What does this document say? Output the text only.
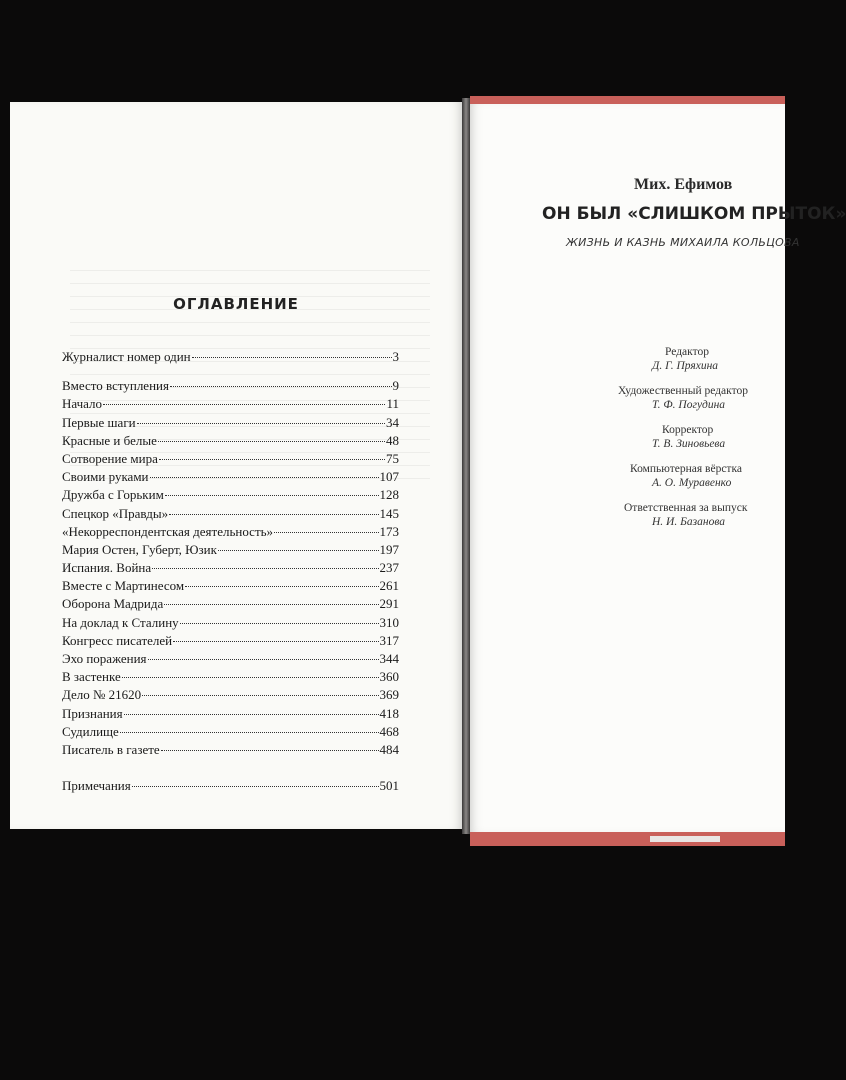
ОГЛАВЛЕНИЕ
Журналист номер один	3
Вместо вступления	9
Начало	11
Первые шаги	34
Красные и белые	48
Сотворение мира	75
Своими руками	107
Дружба с Горьким	128
Спецкор «Правды»	145
«Некорреспондентская деятельность»	173
Мария Остен, Губерт, Юзик	197
Испания. Война	237
Вместе с Мартинесом	261
Оборона Мадрида	291
На доклад к Сталину	310
Конгресс писателей	317
Эхо поражения	344
В застенке	360
Дело № 21620	369
Признания	418
Судилище	468
Писатель в газете	484
Примечания	501
Мих. Ефимов
ОН БЫЛ «СЛИШКОМ ПРЫТОК»
ЖИЗНЬ И КАЗНЬ МИХАИЛА КОЛЬЦОВА
Редактор
Д. Г. Пряхина
Художественный редактор
Т. Ф. Погудина
Корректор
Т. В. Зиновьева
Компьютерная вёрстка
А. О. Муравенко
Ответственная за выпуск
Н. И. Базанова
